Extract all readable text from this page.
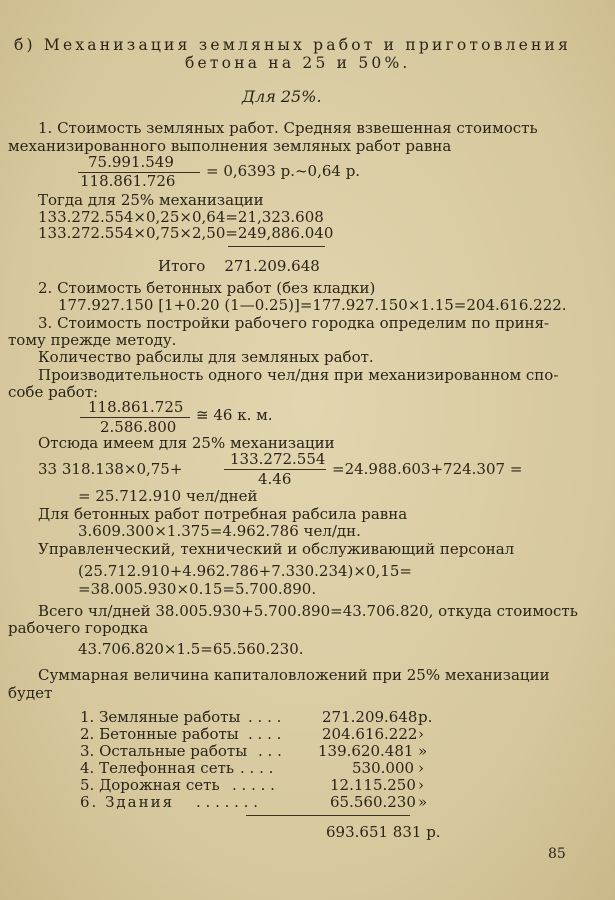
б) Механизация земляных работ и приготовления
бетона на 25 и 50%.
Для 25%.
1. Стоимость земляных работ. Средняя взвешенная стоимость
механизированного выполнения земляных работ равна
75.991.549
118.861.726
= 0,6393 р.~0,64 р.
Тогда для 25% механизации
133.272.554×0,25×0,64=21,323.608
133.272.554×0,75×2,50=249,886.040
Итого    271.209.648
2. Стоимость бетонных работ (без кладки)
177.927.150 [1+0.20 (1—0.25)]=177.927.150×1.15=204.616.222.
3. Стоимость постройки рабочего городка определим по приня-
тому прежде методу.
Количество рабсилы для земляных работ.
Производительность одного чел/дня при механизированном спо-
собе работ:
118.861.725
2.586.800
≅ 46 к. м.
Отсюда имеем для 25% механизации
33 318.138×0,75+
133.272.554
4.46
=24.988.603+724.307 =
= 25.712.910 чел/дней
Для бетонных работ потребная рабсила равна
3.609.300×1.375=4.962.786 чел/дн.
Управленческий, технический и обслуживающий персонал
(25.712.910+4.962.786+7.330.234)×0,15=
=38.005.930×0.15=5.700.890.
Всего чл/дней 38.005.930+5.700.890=43.706.820, откуда стоимость
рабочего городка
43.706.820×1.5=65.560.230.
Суммарная величина капиталовложений при 25% механизации
будет
1. Земляные работы . . . .	271.209.648 р.
2. Бетонные работы . . . .	204.616.222 ›
3. Остальные работы . . . 139.620.481 »
4. Телефонная сеть . . . .	530.000 ›
5. Дорожная сеть . . . . .	12.115.250 ›
6. Здания . . . . . . .	65.560.230 »
693.651 831 р.
85
